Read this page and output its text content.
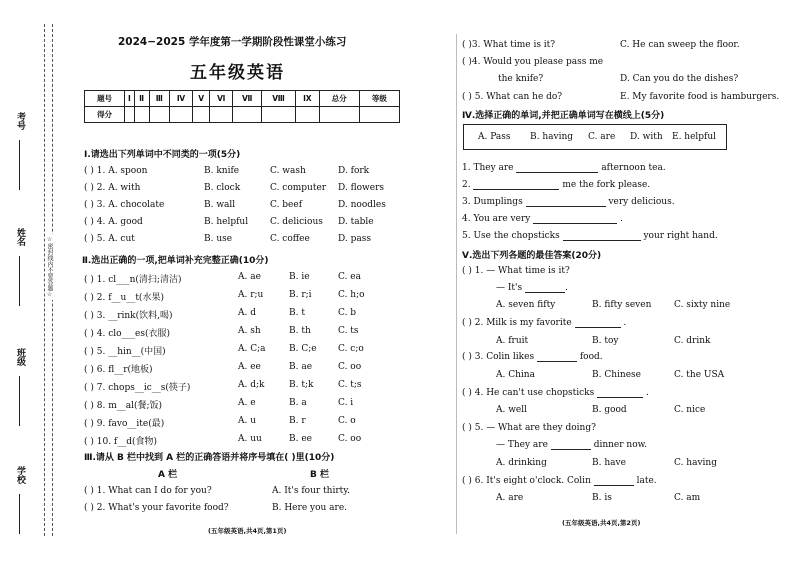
考号
姓名
班级
学校
☆密封线内不要答题☆
2024−2025 学年度第一学期阶段性课堂小练习
五年级英语
题号	Ⅰ	Ⅱ	Ⅲ	Ⅳ	Ⅴ	Ⅵ	Ⅶ	Ⅷ	Ⅸ	总分	等级
得分											
Ⅰ.请选出下列单词中不同类的一项(5分)
( ) 1. A. spoon	B. knife	C. wash	D. fork
( ) 2. A. with	B. clock	C. computer D. flowers
( ) 3. A. chocolate	B. wall	C. beef	D. noodles
( ) 4. A. good	B. helpful C. delicious D. table
( ) 5. A. cut	B. use	C. coffee	D. pass
Ⅱ.选出正确的一项,把单词补充完整正确(10分)
( ) 1. cl___n(清扫;清洁)	A. ae	B. ie	C. ea
( ) 2. f__u__t(水果)	A. r;u	B. r;i	C. h;o
( ) 3. __rink(饮料,喝)	A. d	B. t	C. b
( ) 4. clo___es(衣服)	A. sh	B. th	C. ts
( ) 5. __hin__(中国)	A. C;a	B. C;e C. c;o
( ) 6. fl__r(地板)	A. ee	B. ae	C. oo
( ) 7. chops__ic__s(筷子)	A. d;k	B. t;k	C. t;s
( ) 8. m__al(餐;饭)	A. e	B. a	C. i
( ) 9. favo__ite(最)	A. u	B. r	C. o
( ) 10. f__d(食物)	A. uu	B. ee	C. oo
Ⅲ.请从 B 栏中找到 A 栏的正确答语并将序号填在( )里(10分)
A 栏	B 栏
( ) 1. What can I do for you?	A. It's four thirty.
( ) 2. What's your favorite food?	B. Here you are.
(五年级英语,共4页,第1页)
( )3. What time is it?	C. He can sweep the floor.
( )4. Would you please pass me
the knife?	D. Can you do the dishes?
( ) 5. What can he do?	E. My favorite food is hamburgers.
Ⅳ.选择正确的单词,并把正确单词写在横线上(5分)
A. Pass B. having C. are D. with E. helpful
1. They are	afternoon tea.
2.	me the fork please.
3. Dumplings	very delicious.
4. You are very	.
5. Use the chopsticks	your right hand.
Ⅴ.选出下列各题的最佳答案(20分)
( ) 1. — What time is it?
— It's	.
A. seven fifty	B. fifty seven	C. sixty nine
( ) 2. Milk is my favorite	.
A. fruit	B. toy	C. drink
( ) 3. Colin likes	food.
A. China	B. Chinese	C. the USA
( ) 4. He can't use chopsticks	.
A. well	B. good	C. nice
( ) 5. — What are they doing?
— They are	dinner now.
A. drinking	B. have	C. having
( ) 6. It's eight o'clock. Colin	late.
A. are	B. is	C. am
(五年级英语,共4页,第2页)
